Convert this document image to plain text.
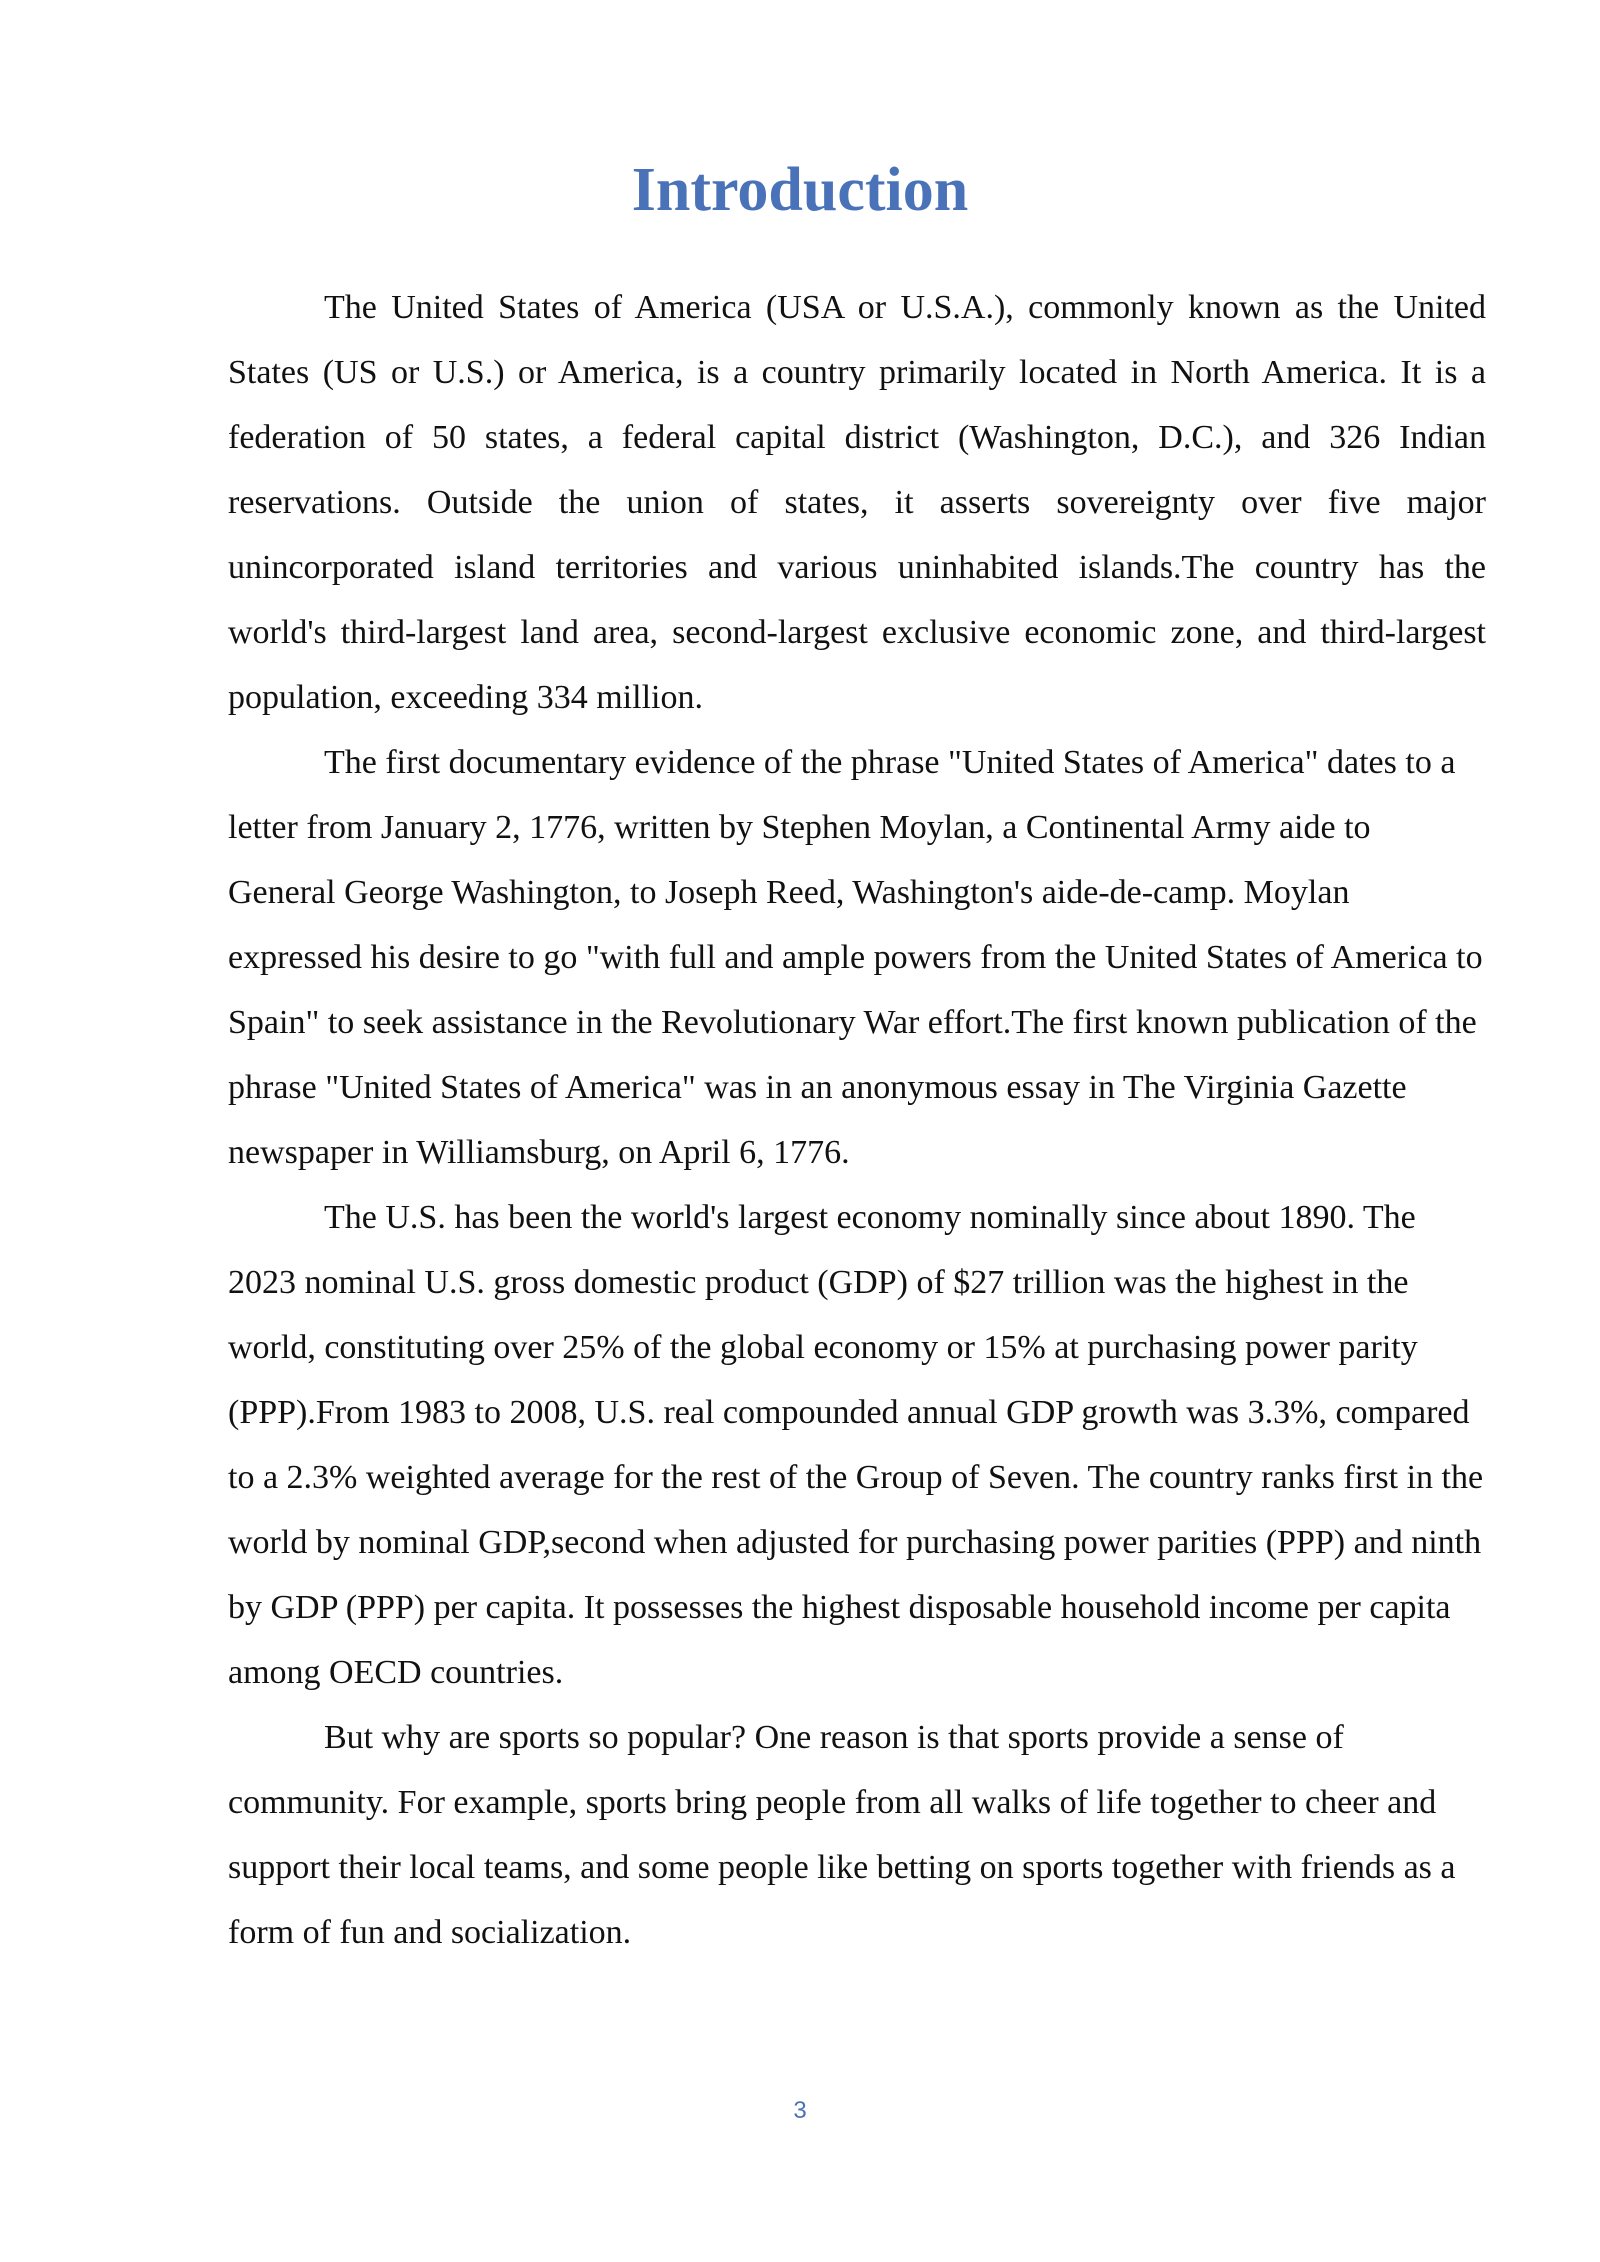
Introduction

The United States of America (USA or U.S.A.), commonly known as the United States (US or U.S.) or America, is a country primarily located in North America. It is a federation of 50 states, a federal capital district (Washington, D.C.), and 326 Indian reservations. Outside the union of states, it asserts sovereignty over five major unincorporated island territories and various uninhabited islands.The country has the world's third-largest land area, second-largest exclusive economic zone, and third-largest population, exceeding 334 million.

The first documentary evidence of the phrase "United States of America" dates to a letter from January 2, 1776, written by Stephen Moylan, a Continental Army aide to General George Washington, to Joseph Reed, Washington's aide-de-camp. Moylan expressed his desire to go "with full and ample powers from the United States of America to Spain" to seek assistance in the Revolutionary War effort.The first known publication of the phrase "United States of America" was in an anonymous essay in The Virginia Gazette newspaper in Williamsburg, on April 6, 1776.

The U.S. has been the world's largest economy nominally since about 1890. The 2023 nominal U.S. gross domestic product (GDP) of $27 trillion was the highest in the world, constituting over 25% of the global economy or 15% at purchasing power parity (PPP).From 1983 to 2008, U.S. real compounded annual GDP growth was 3.3%, compared to a 2.3% weighted average for the rest of the Group of Seven. The country ranks first in the world by nominal GDP,second when adjusted for purchasing power parities (PPP) and ninth by GDP (PPP) per capita. It possesses the highest disposable household income per capita among OECD countries.

But why are sports so popular? One reason is that sports provide a sense of community. For example, sports bring people from all walks of life together to cheer and support their local teams, and some people like betting on sports together with friends as a form of fun and socialization.

3
